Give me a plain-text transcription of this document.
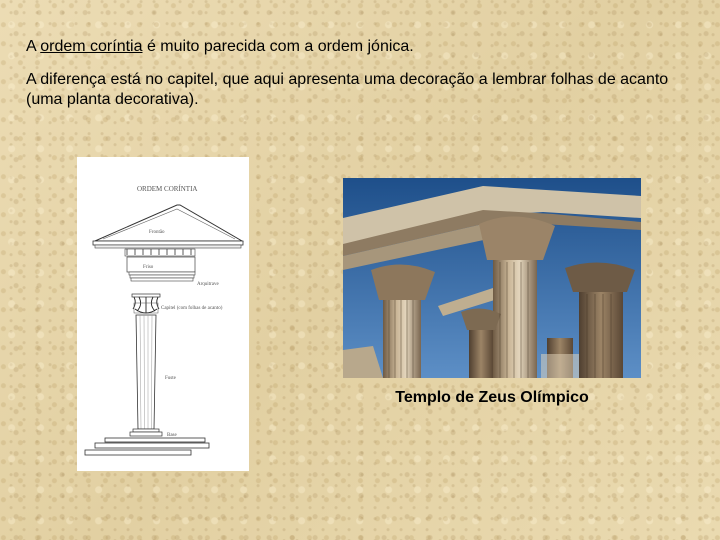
A ordem coríntia é muito parecida com a ordem jónica.

A diferença está no capitel, que aqui apresenta uma decoração a lembrar folhas de acanto (uma planta decorativa).

ORDEM CORÍNTIA
Frontão
Friso
Arquitrave
Capitel (com folhas de acanto)
Fuste
Base

Templo de Zeus Olímpico
